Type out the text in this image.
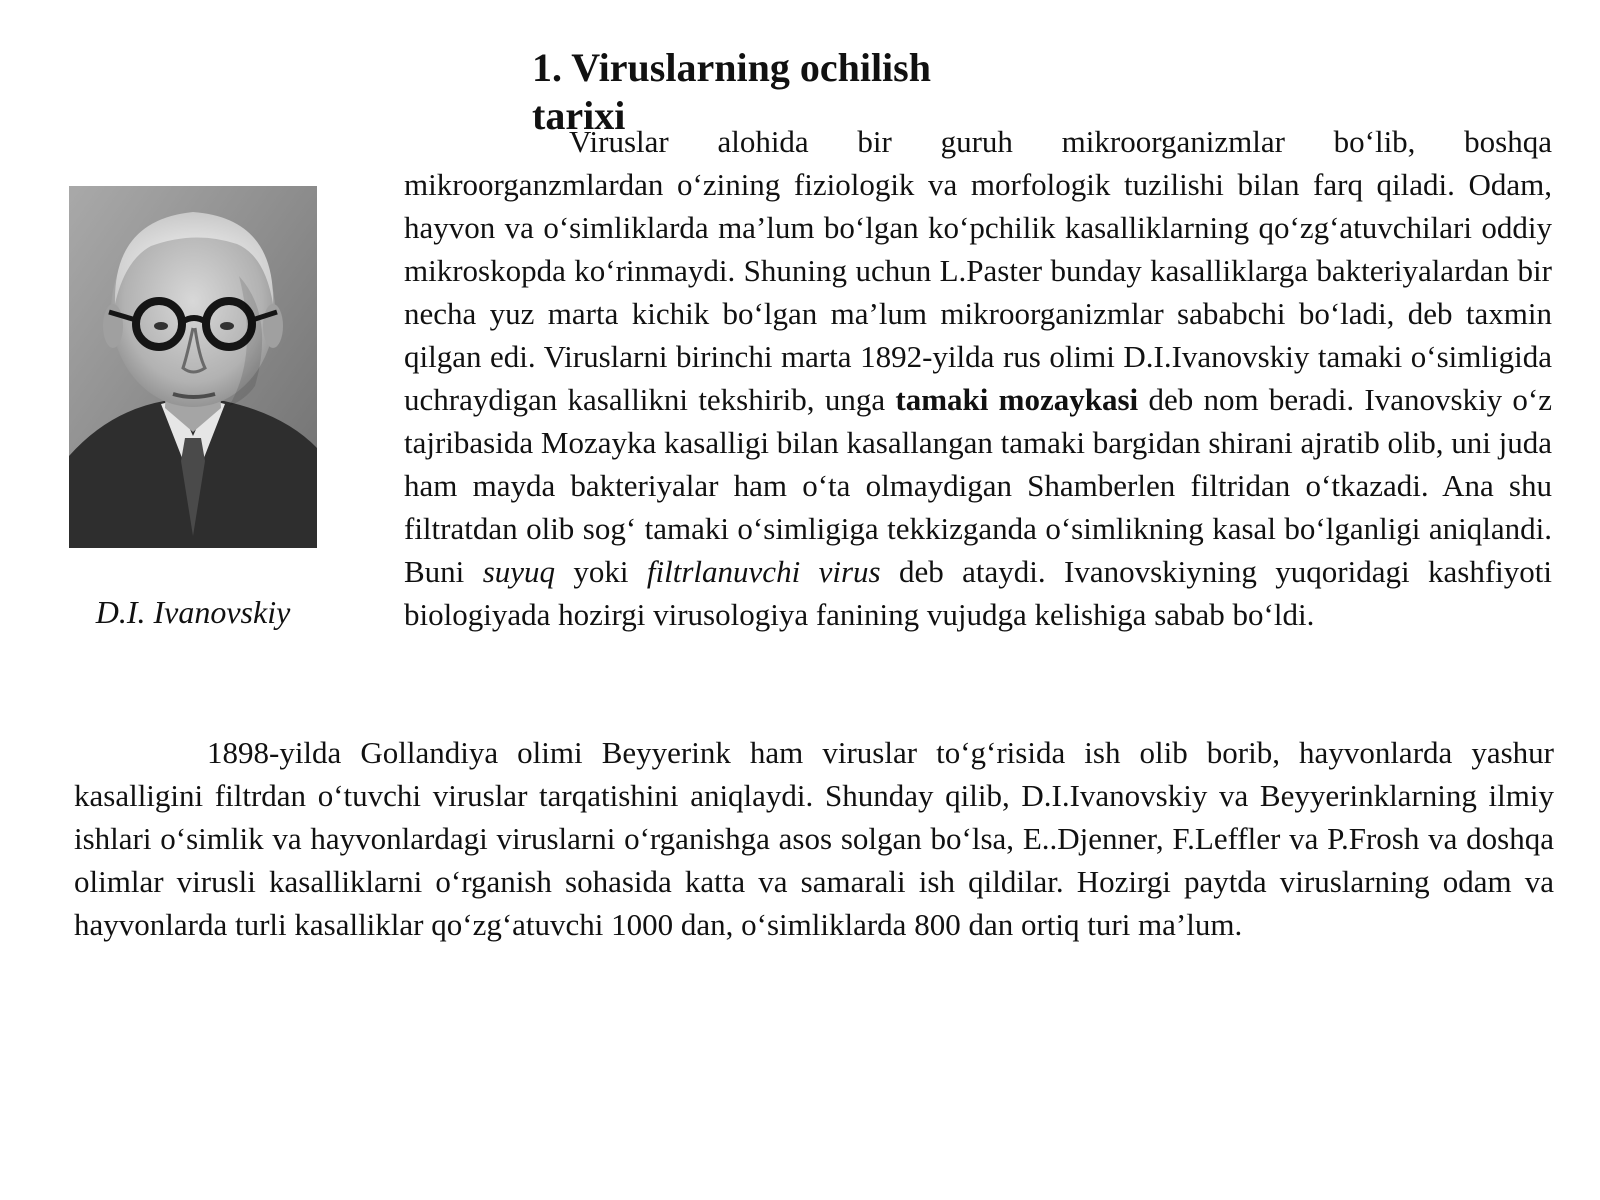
1. Viruslarning ochilish tarixi
D.I. Ivanovskiy

Viruslar alohida bir guruh mikroorganizmlar bo‘lib, boshqa mikroorganzmlardan o‘zining fiziologik va morfologik tuzilishi bilan farq qiladi. Odam, hayvon va o‘simliklarda ma’lum bo‘lgan ko‘pchilik kasalliklarning qo‘zg‘atuvchilari oddiy mikroskopda ko‘rinmaydi. Shuning uchun L.Paster bunday kasalliklarga bakteriyalardan bir necha yuz marta kichik bo‘lgan ma’lum mikroorganizmlar sababchi bo‘ladi, deb taxmin qilgan edi. Viruslarni birinchi marta 1892-yilda rus olimi D.I.Ivanovskiy tamaki o‘simligida uchraydigan kasallikni tekshirib, unga tamaki mozaykasi deb nom beradi. Ivanovskiy o‘z tajribasida Mozayka kasalligi bilan kasallangan tamaki bargidan shirani ajratib olib, uni juda ham mayda bakteriyalar ham o‘ta olmaydigan Shamberlen filtridan o‘tkazadi. Ana shu filtratdan olib sog‘ tamaki o‘simligiga tekkizganda o‘simlikning kasal bo‘lganligi aniqlandi. Buni suyuq yoki filtrlanuvchi virus deb ataydi. Ivanovskiyning yuqoridagi kashfiyoti biologiyada hozirgi virusologiya fanining vujudga kelishiga sabab bo‘ldi.

1898-yilda Gollandiya olimi Beyyerink ham viruslar to‘g‘risida ish olib borib, hayvonlarda yashur kasalligini filtrdan o‘tuvchi viruslar tarqatishini aniqlaydi. Shunday qilib, D.I.Ivanovskiy va Beyyerinklarning ilmiy ishlari o‘simlik va hayvonlardagi viruslarni o‘rganishga asos solgan bo‘lsa, E..Djenner, F.Leffler va P.Frosh va doshqa olimlar virusli kasalliklarni o‘rganish sohasida katta va samarali ish qildilar. Hozirgi paytda viruslarning odam va hayvonlarda turli kasalliklar qo‘zg‘atuvchi 1000 dan, o‘simliklarda 800 dan ortiq turi ma’lum.
